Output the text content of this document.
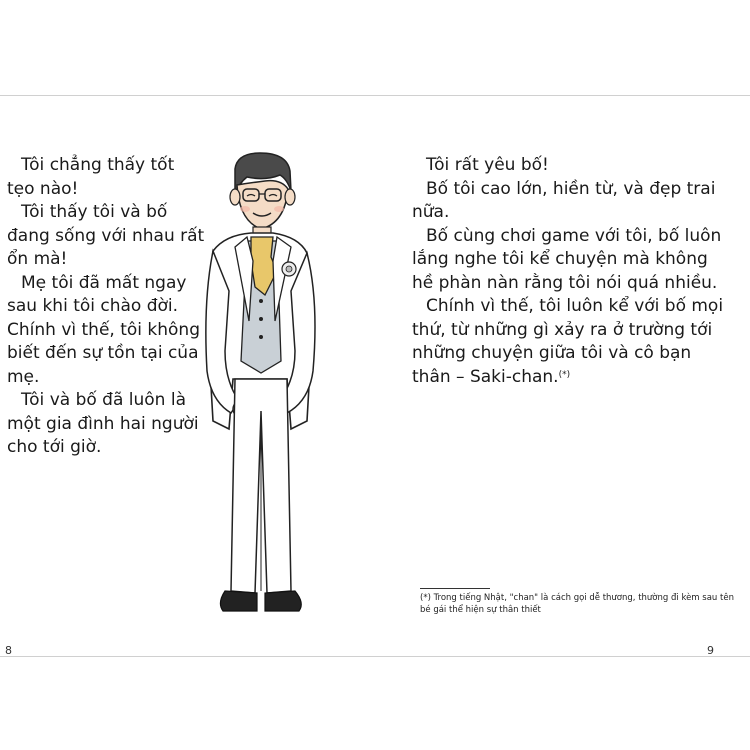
Tôi chẳng thấy tốt tẹo nào!

Tôi thấy tôi và bố đang sống với nhau rất ổn mà!

Mẹ tôi đã mất ngay sau khi tôi chào đời. Chính vì thế, tôi không biết đến sự tồn tại của mẹ.

Tôi và bố đã luôn là một gia đình hai người cho tới giờ.

Tôi rất yêu bố!

Bố tôi cao lớn, hiền từ, và đẹp trai nữa.

Bố cùng chơi game với tôi, bố luôn lắng nghe tôi kể chuyện mà không hề phàn nàn rằng tôi nói quá nhiều.

Chính vì thế, tôi luôn kể với bố mọi thứ, từ những gì xảy ra ở trường tới những chuyện giữa tôi và cô bạn thân – Saki-chan.(*)

(*) Trong tiếng Nhật, "chan" là cách gọi dễ thương, thường đi kèm sau tên bé gái thể hiện sự thân thiết
8	9
